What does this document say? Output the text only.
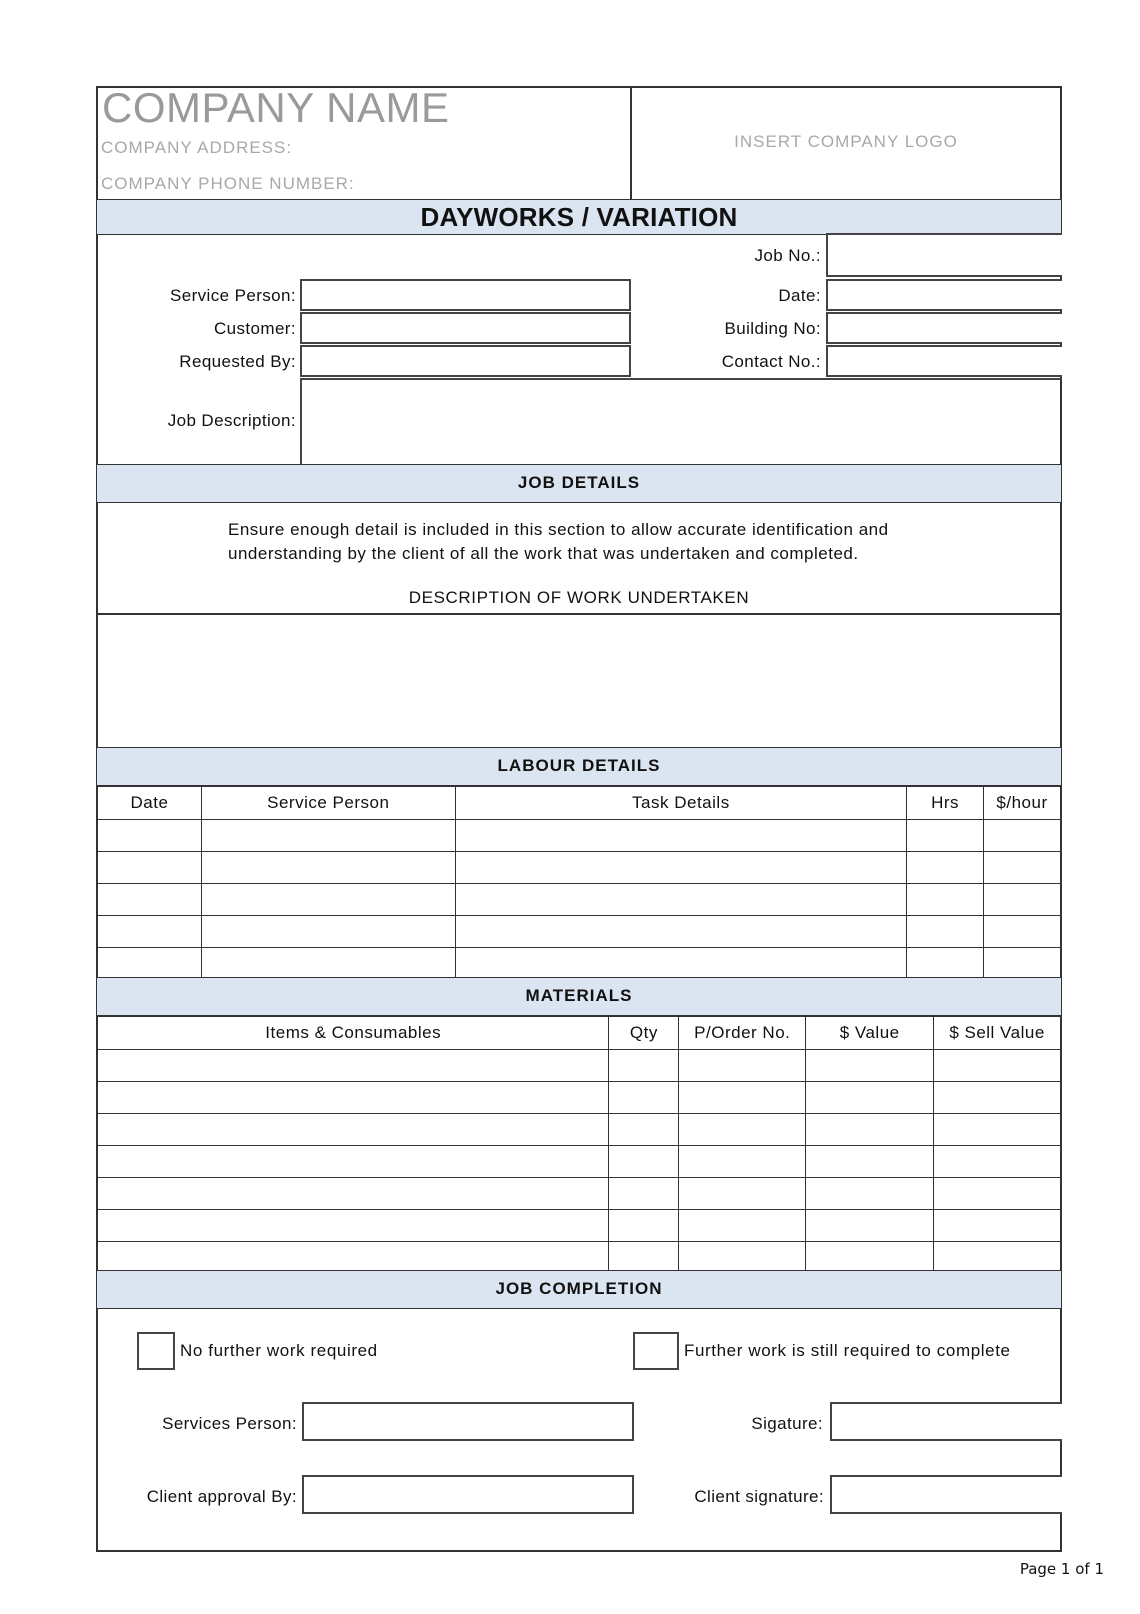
COMPANY NAME
COMPANY ADDRESS:
COMPANY PHONE NUMBER:
INSERT COMPANY LOGO
DAYWORKS / VARIATION
Job No.:
Service Person:	Date:
Customer:	Building No:
Requested By:	Contact No.:
Job Description:
JOB DETAILS
Ensure enough detail is included in this section to allow accurate identification and
understanding by the client of all the work that was undertaken and completed.
DESCRIPTION OF WORK UNDERTAKEN
LABOUR DETAILS
Date	Service Person	Task Details	Hrs	$/hour

MATERIALS
Items & Consumables	Qty	P/Order No.	$ Value	$ Sell Value

JOB COMPLETION
No further work required	Further work is still required to complete
Services Person:	Sigature:
Client approval By:	Client signature:
Page 1 of 1
